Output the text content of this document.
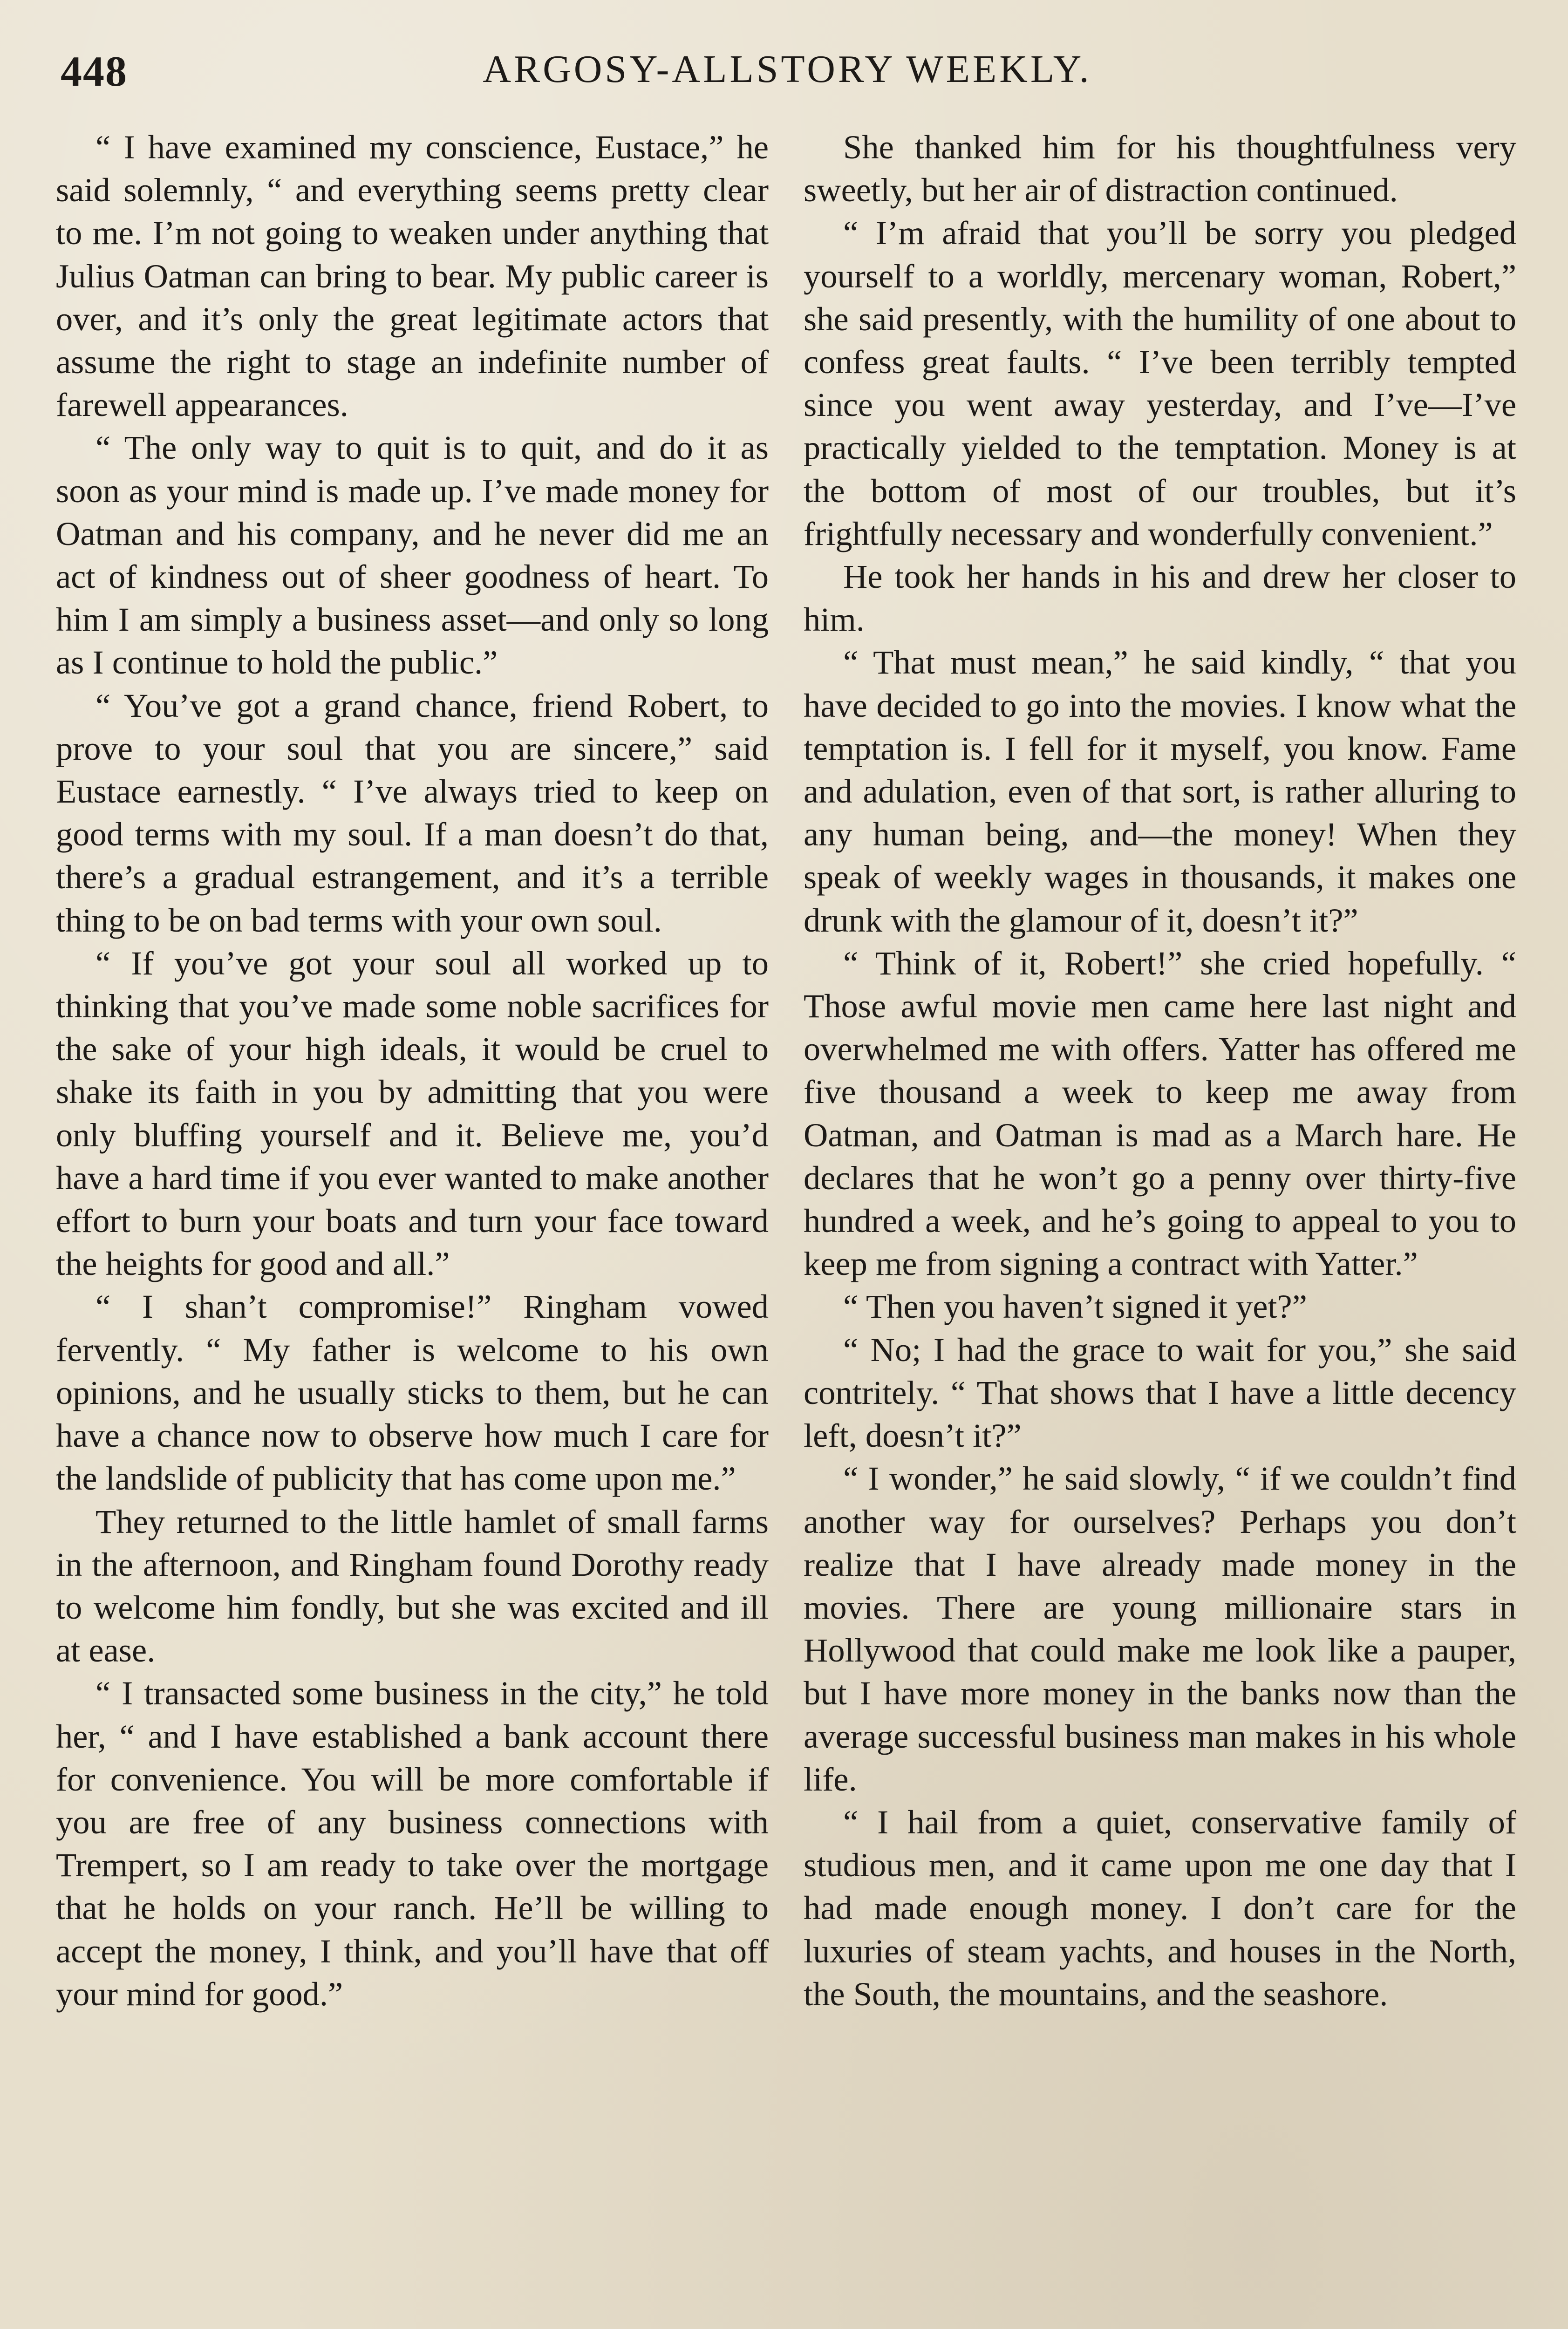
448	ARGOSY-ALLSTORY WEEKLY.

“ I have examined my conscience, Eustace,” he said solemnly, “ and everything seems pretty clear to me. I’m not going to weaken under anything that Julius Oatman can bring to bear. My public career is over, and it’s only the great legitimate actors that assume the right to stage an indefinite number of farewell appearances.

“ The only way to quit is to quit, and do it as soon as your mind is made up. I’ve made money for Oatman and his company, and he never did me an act of kindness out of sheer goodness of heart. To him I am simply a business asset—and only so long as I continue to hold the public.”

“ You’ve got a grand chance, friend Robert, to prove to your soul that you are sincere,” said Eustace earnestly. “ I’ve always tried to keep on good terms with my soul. If a man doesn’t do that, there’s a gradual estrangement, and it’s a terrible thing to be on bad terms with your own soul.

“ If you’ve got your soul all worked up to thinking that you’ve made some noble sacrifices for the sake of your high ideals, it would be cruel to shake its faith in you by admitting that you were only bluffing yourself and it. Believe me, you’d have a hard time if you ever wanted to make another effort to burn your boats and turn your face toward the heights for good and all.”

“ I shan’t compromise!” Ringham vowed fervently. “ My father is welcome to his own opinions, and he usually sticks to them, but he can have a chance now to observe how much I care for the landslide of publicity that has come upon me.”

They returned to the little hamlet of small farms in the afternoon, and Ringham found Dorothy ready to welcome him fondly, but she was excited and ill at ease.

“ I transacted some business in the city,” he told her, “ and I have established a bank account there for convenience. You will be more comfortable if you are free of any business connections with Trempert, so I am ready to take over the mortgage that he holds on your ranch. He’ll be willing to accept the money, I think, and you’ll have that off your mind for good.”

She thanked him for his thoughtfulness very sweetly, but her air of distraction continued.

“ I’m afraid that you’ll be sorry you pledged yourself to a worldly, mercenary woman, Robert,” she said presently, with the humility of one about to confess great faults. “ I’ve been terribly tempted since you went away yesterday, and I’ve—I’ve practically yielded to the temptation. Money is at the bottom of most of our troubles, but it’s frightfully necessary and wonderfully convenient.”

He took her hands in his and drew her closer to him.

“ That must mean,” he said kindly, “ that you have decided to go into the movies. I know what the temptation is. I fell for it myself, you know. Fame and adulation, even of that sort, is rather alluring to any human being, and—the money! When they speak of weekly wages in thousands, it makes one drunk with the glamour of it, doesn’t it?”

“ Think of it, Robert!” she cried hopefully. “ Those awful movie men came here last night and overwhelmed me with offers. Yatter has offered me five thousand a week to keep me away from Oatman, and Oatman is mad as a March hare. He declares that he won’t go a penny over thirty-five hundred a week, and he’s going to appeal to you to keep me from signing a contract with Yatter.”

“ Then you haven’t signed it yet?”

“ No; I had the grace to wait for you,” she said contritely. “ That shows that I have a little decency left, doesn’t it?”

“ I wonder,” he said slowly, “ if we couldn’t find another way for ourselves? Perhaps you don’t realize that I have already made money in the movies. There are young millionaire stars in Hollywood that could make me look like a pauper, but I have more money in the banks now than the average successful business man makes in his whole life.

“ I hail from a quiet, conservative family of studious men, and it came upon me one day that I had made enough money. I don’t care for the luxuries of steam yachts, and houses in the North, the South, the mountains, and the seashore.
